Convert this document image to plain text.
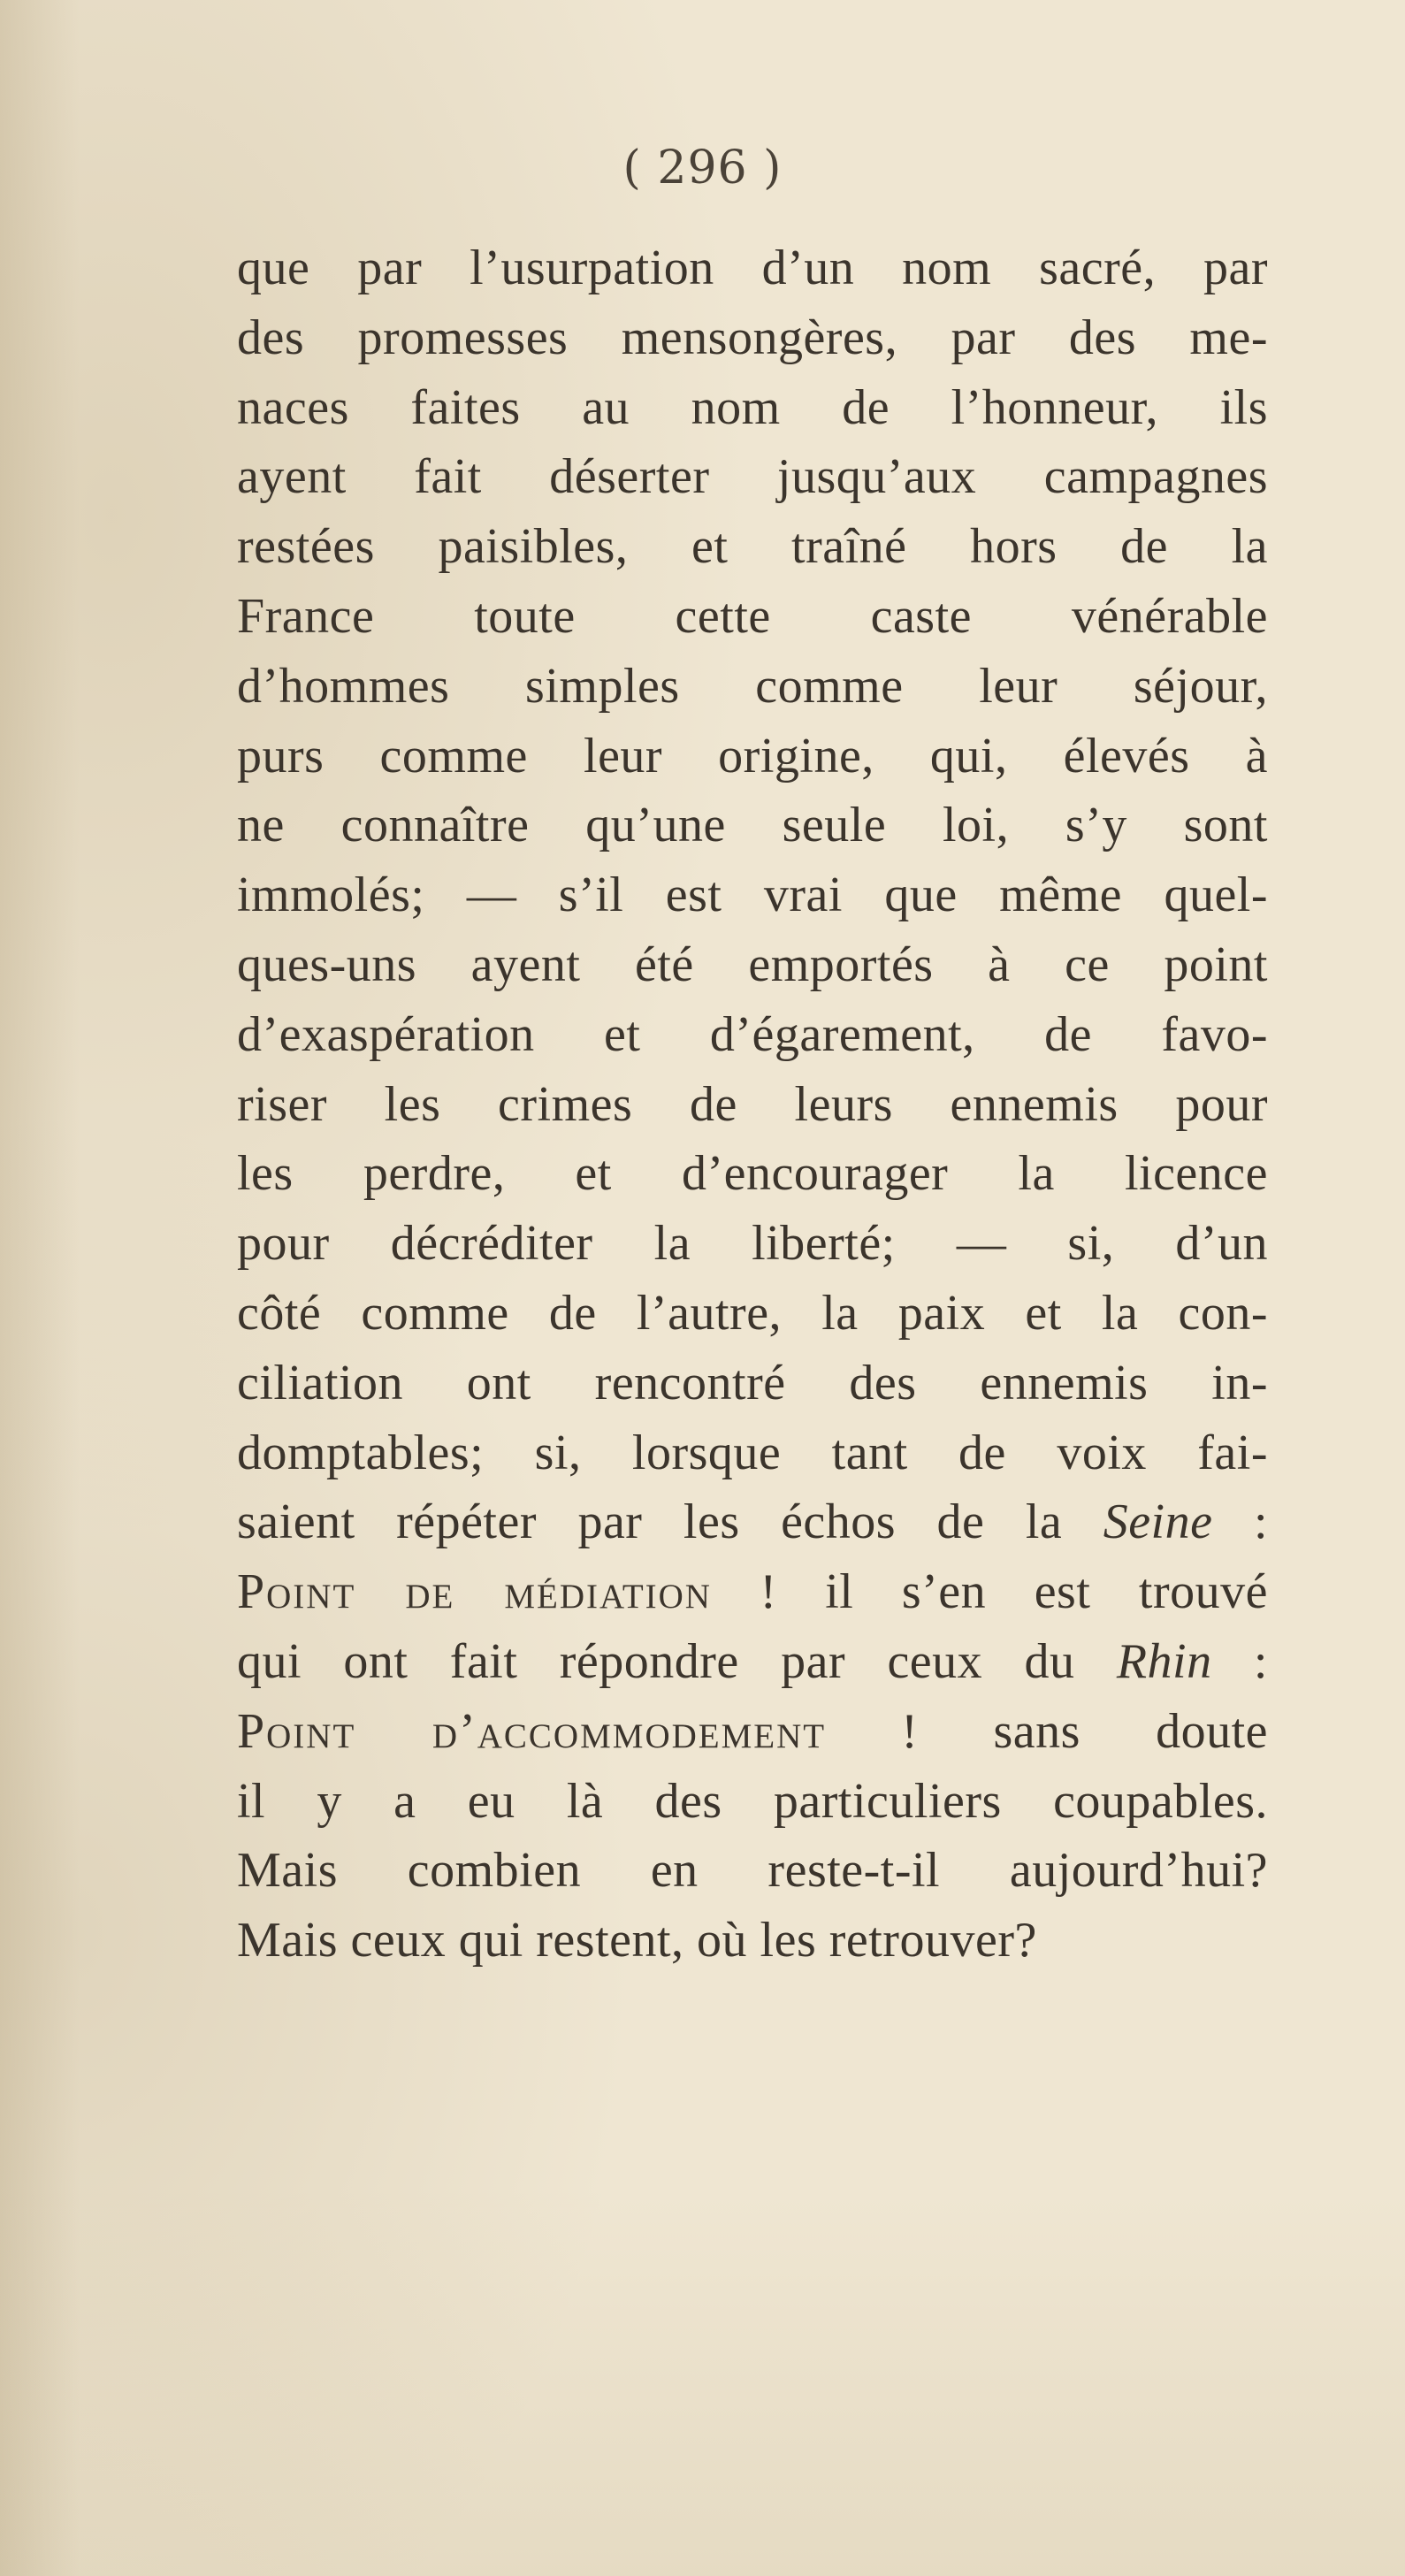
( 296 )
que par l’usurpation d’un nom sacré, par
des promesses mensongères, par des me-
naces faites au nom de l’honneur, ils
ayent fait déserter jusqu’aux campagnes
restées paisibles, et traîné hors de la
France toute cette caste vénérable
d’hommes simples comme leur séjour,
purs comme leur origine, qui, élevés à
ne connaître qu’une seule loi, s’y sont
immolés; — s’il est vrai que même quel-
ques-uns ayent été emportés à ce point
d’exaspération et d’égarement, de favo-
riser les crimes de leurs ennemis pour
les perdre, et d’encourager la licence
pour décréditer la liberté; — si, d’un
côté comme de l’autre, la paix et la con-
ciliation ont rencontré des ennemis in-
domptables; si, lorsque tant de voix fai-
saient répéter par les échos de la Seine :
Point de médiation ! il s’en est trouvé
qui ont fait répondre par ceux du Rhin :
Point d’accommodement ! sans doute
il y a eu là des particuliers coupables.
Mais combien en reste-t-il aujourd’hui?
Mais ceux qui restent, où les retrouver?
